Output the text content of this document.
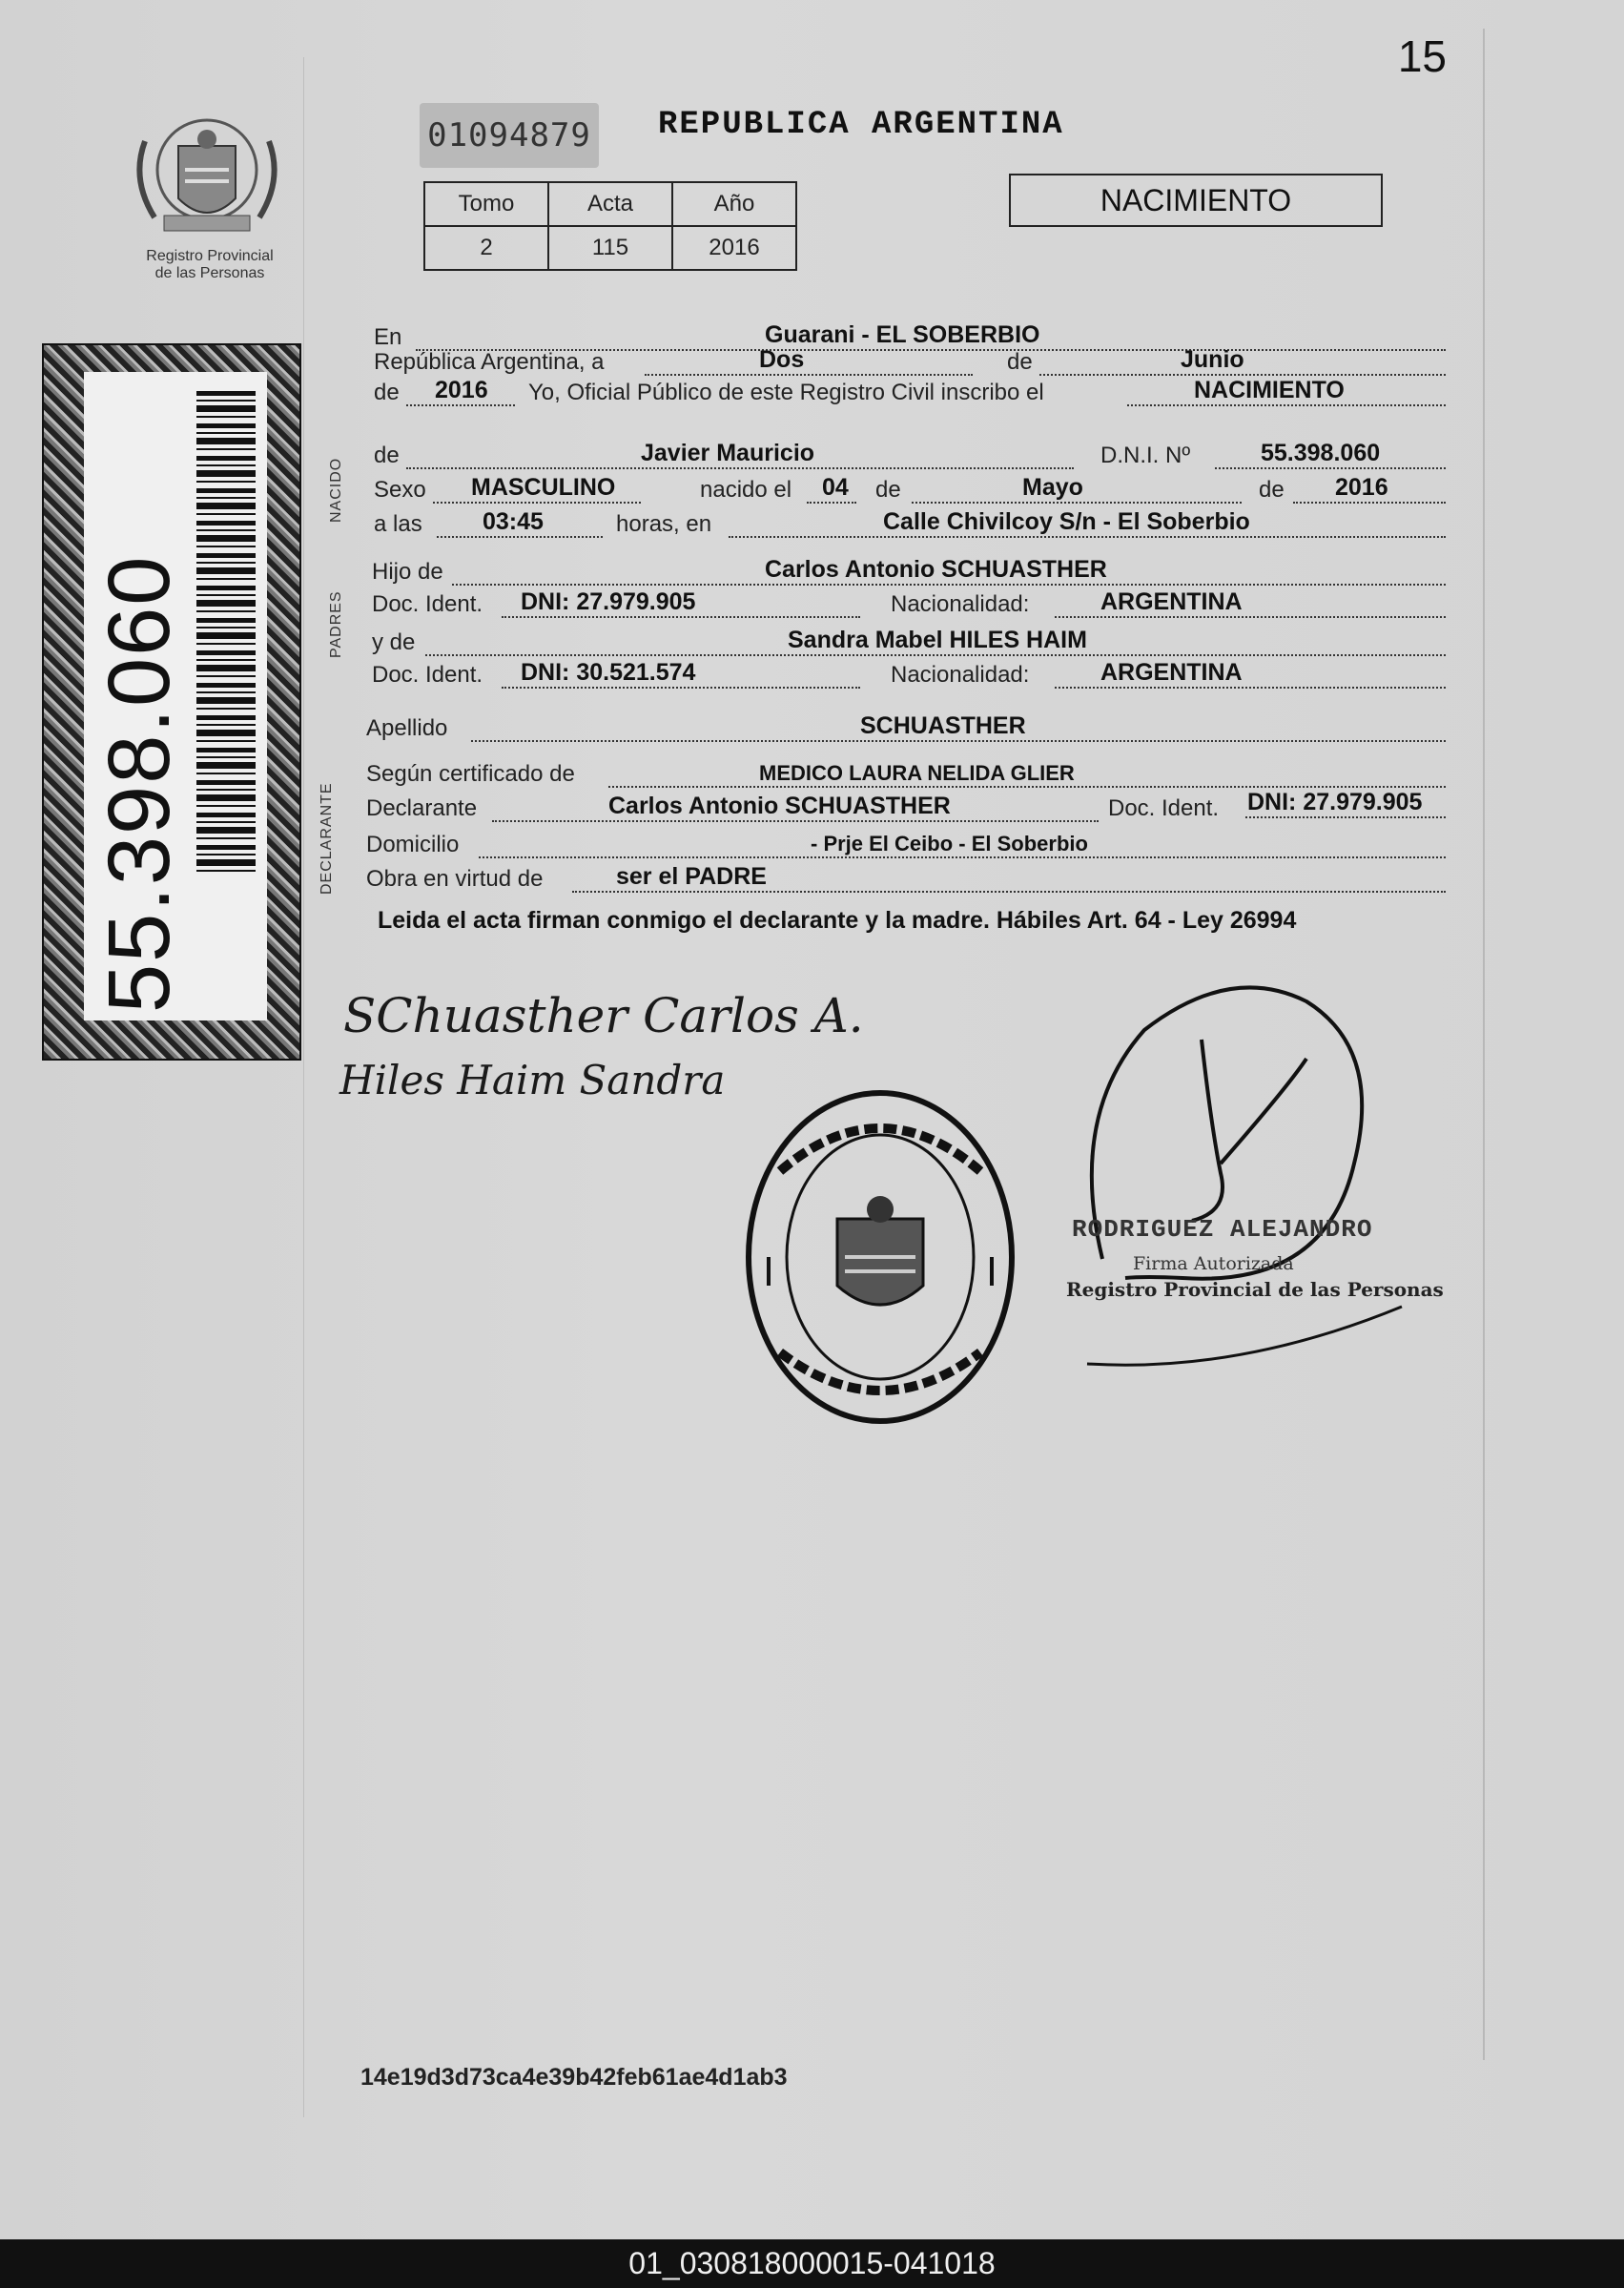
15
Registro Provincial
de las Personas
55.398.060
01094879 REPUBLICA ARGENTINA
Tomo	Acta	Año
2	115	2016
NACIMIENTO
NACIDO
PADRES
DECLARANTE
En	Guarani - EL SOBERBIO
República Argentina, a	Dos	de	Junio
de 2016 Yo, Oficial Público de este Registro Civil inscribo el	NACIMIENTO
de	Javier Mauricio	D.N.I. Nº	55.398.060
Sexo MASCULINO	nacido el 04 de	Mayo	de 2016
a las	03:45	horas, en	Calle Chivilcoy S/n - El Soberbio
Hijo de	Carlos Antonio SCHUASTHER
Doc. Ident. DNI: 27.979.905	Nacionalidad:	ARGENTINA
y de	Sandra Mabel HILES HAIM
Doc. Ident. DNI: 30.521.574	Nacionalidad:	ARGENTINA
Apellido	SCHUASTHER
Según certificado de	MEDICO LAURA NELIDA GLIER
Declarante	Carlos Antonio SCHUASTHER	Doc. Ident. DNI: 27.979.905
Domicilio	- Prje El Ceibo - El Soberbio
Obra en virtud de	ser el PADRE
Leida el acta firman conmigo el declarante y la madre. Hábiles Art. 64 - Ley 26994
SChuasther Carlos A.
Hiles Haim Sandra
RODRIGUEZ ALEJANDRO
Firma Autorizada
Registro Provincial de las Personas
14e19d3d73ca4e39b42feb61ae4d1ab3
01_030818000015-041018
